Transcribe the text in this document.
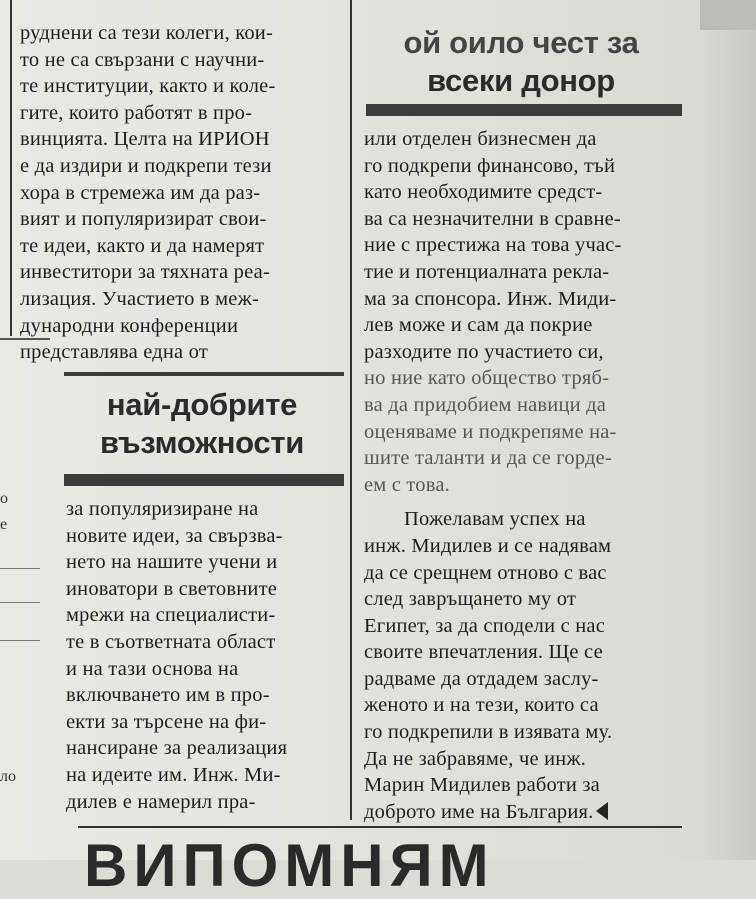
о
е
ло
руднени са тези колеги, кои-
то не са свързани с научни-
те институции, както и коле-
гите, които работят в про-
винцията. Целта на ИРИОН
е да издири и подкрепи тези
хора в стремежа им да раз-
вият и популяризират свои-
те идеи, както и да намерят
инвеститори за тяхната реа-
лизация. Участието в меж-
дународни конференции
представлява една от
най-добрите
възможности
за популяризиране на
новите идеи, за свързва-
нето на нашите учени и
иноватори в световните
мрежи на специалисти-
те в съответната област
и на тази основа на
включването им в про-
екти за търсене на фи-
нансиране за реализация
на идеите им. Инж. Ми-
дилев е намерил пра-
ой оило чест за
всеки донор
или отделен бизнесмен да
го подкрепи финансово, тъй
като необходимите средст-
ва са незначителни в сравне-
ние с престижа на това учас-
тие и потенциалната рекла-
ма за спонсора. Инж. Миди-
лев може и сам да покрие
разходите по участието си,
но ние като общество тряб-
ва да придобием навици да
оценяваме и подкрепяме на-
шите таланти и да се горде-
ем с това.
Пожелавам успех на
инж. Мидилев и се надявам
да се срещнем отново с вас
след завръщането му от
Египет, за да сподели с нас
своите впечатления. Ще се
радваме да отдадем заслу-
женото и на тези, които са
го подкрепили в изявата му.
Да не забравяме, че инж.
Марин Мидилев работи за
доброто име на България.
ВИПОМНЯМ
